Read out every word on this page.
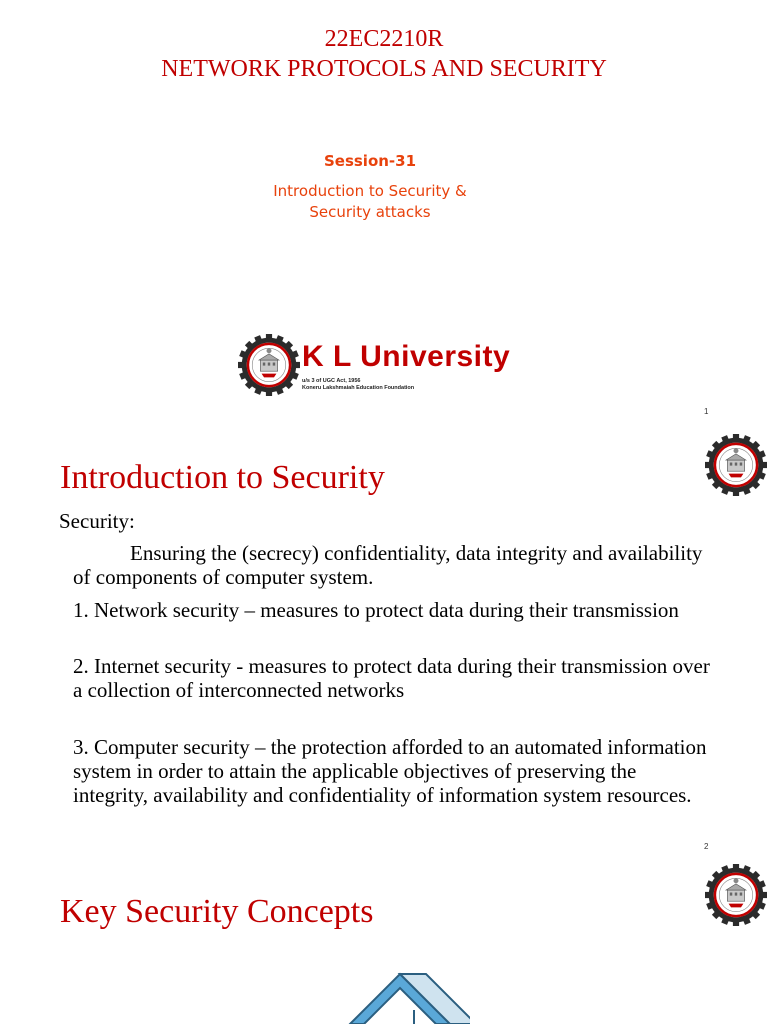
22EC2210R
NETWORK PROTOCOLS AND SECURITY
Session-31
Introduction to Security &
Security attacks
K L University
u/s 3 of UGC Act, 1956
Koneru Lakshmaiah Education Foundation
1
Introduction to Security
Security:
Ensuring the (secrecy) confidentiality, data integrity and availability of components of computer system.
1. Network security – measures to protect data during their transmission
2. Internet security - measures to protect data during their transmission over a collection of interconnected networks
3. Computer security – the protection afforded to an automated information system in order to attain the applicable objectives of preserving the integrity, availability and confidentiality of information system resources.
2
Key Security Concepts
